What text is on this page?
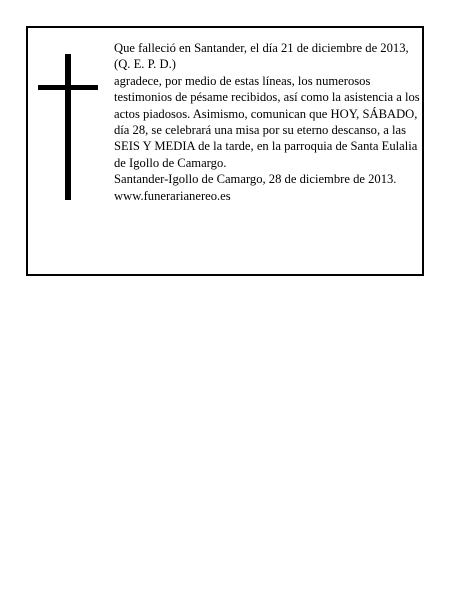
Que falleció en Santander, el día 21 de diciembre de 2013,

(Q. E. P. D.)

agradece, por medio de estas líneas, los numerosos testimonios de pésame recibidos, así como la asistencia a los actos piadosos. Asimismo, comunican que HOY, SÁBADO, día 28, se celebrará una misa por su eterno descanso, a las SEIS Y MEDIA de la tarde, en la parroquia de Santa Eulalia de Igollo de Camargo.

Santander-Igollo de Camargo, 28 de diciembre de 2013.

www.funerarianereo.es
